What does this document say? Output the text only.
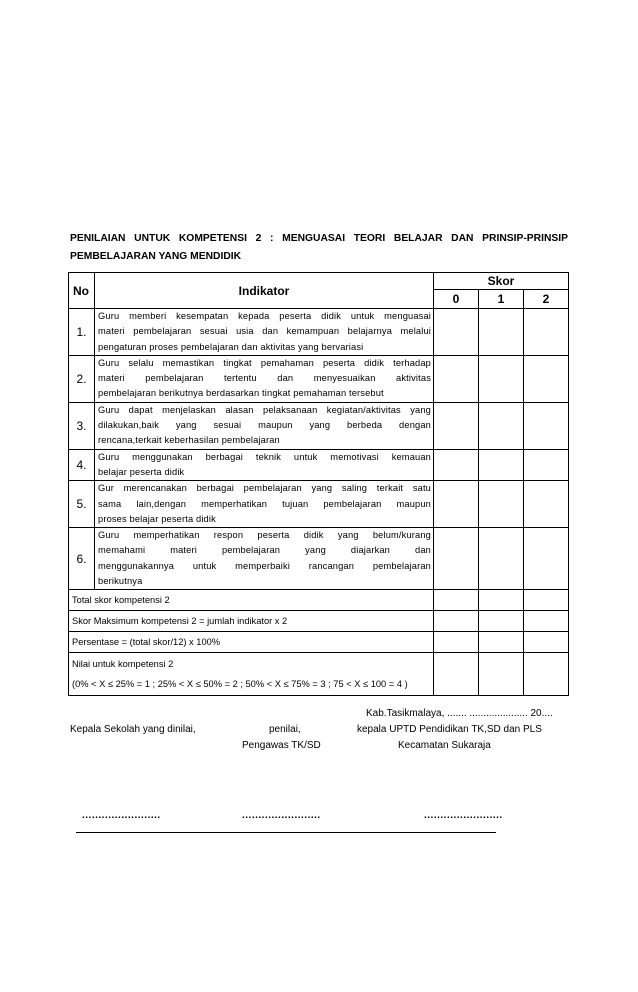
PENILAIAN UNTUK KOMPETENSI 2 : MENGUASAI TEORI BELAJAR DAN PRINSIP-PRINSIP
PEMBELAJARAN YANG MENDIDIK
No	Indikator	Skor		
		0	1	2
1.	Guru memberi kesempatan kepada peserta didik untuk menguasai
materi pembelajaran sesuai usia dan kemampuan belajarnya melalui
pengaturan proses pembelajaran dan aktivitas yang bervariasi			

2.	Guru selalu memastikan tingkat pemahaman peserta didik terhadap
materi pembelajaran tertentu dan menyesuaikan aktivitas
pembelajaran berikutnya berdasarkan tingkat pemahaman tersebut			

3.	Guru dapat menjelaskan alasan pelaksanaan kegiatan/aktivitas yang
dilakukan,baik yang sesuai maupun yang berbeda dengan
rencana,terkait keberhasilan pembelajaran			

4.	Guru menggunakan berbagai teknik untuk memotivasi kemauan
belajar peserta didik			

5.	Gur merencanakan berbagai pembelajaran yang saling terkait satu
sama lain,dengan memperhatikan tujuan pembelajaran maupun
proses belajar peserta didik			

6.	Guru memperhatikan respon peserta didik yang belum/kurang
memahami materi pembelajaran yang diajarkan dan
menggunakannya untuk memperbaiki rancangan pembelajaran
berikutnya			

Total skor kompetensi 2				
Skor Maksimum kompetensi 2 = jumlah indikator x 2				
Persentase = (total skor/12) x 100%				

Nilai untuk kompetensi 2
(0% < X ≤ 25% = 1 ; 25% < X ≤ 50% = 2 ; 50% < X ≤ 75% = 3 ; 75 < X ≤ 100 = 4 )				

Kab.Tasikmalaya, ....... ..................... 20....
Kepala Sekolah yang dinilai,	penilai,
Pengawas TK/SD
kepala UPTD Pendidikan TK,SD dan PLS
Kecamatan Sukaraja
........................	........................	........................
